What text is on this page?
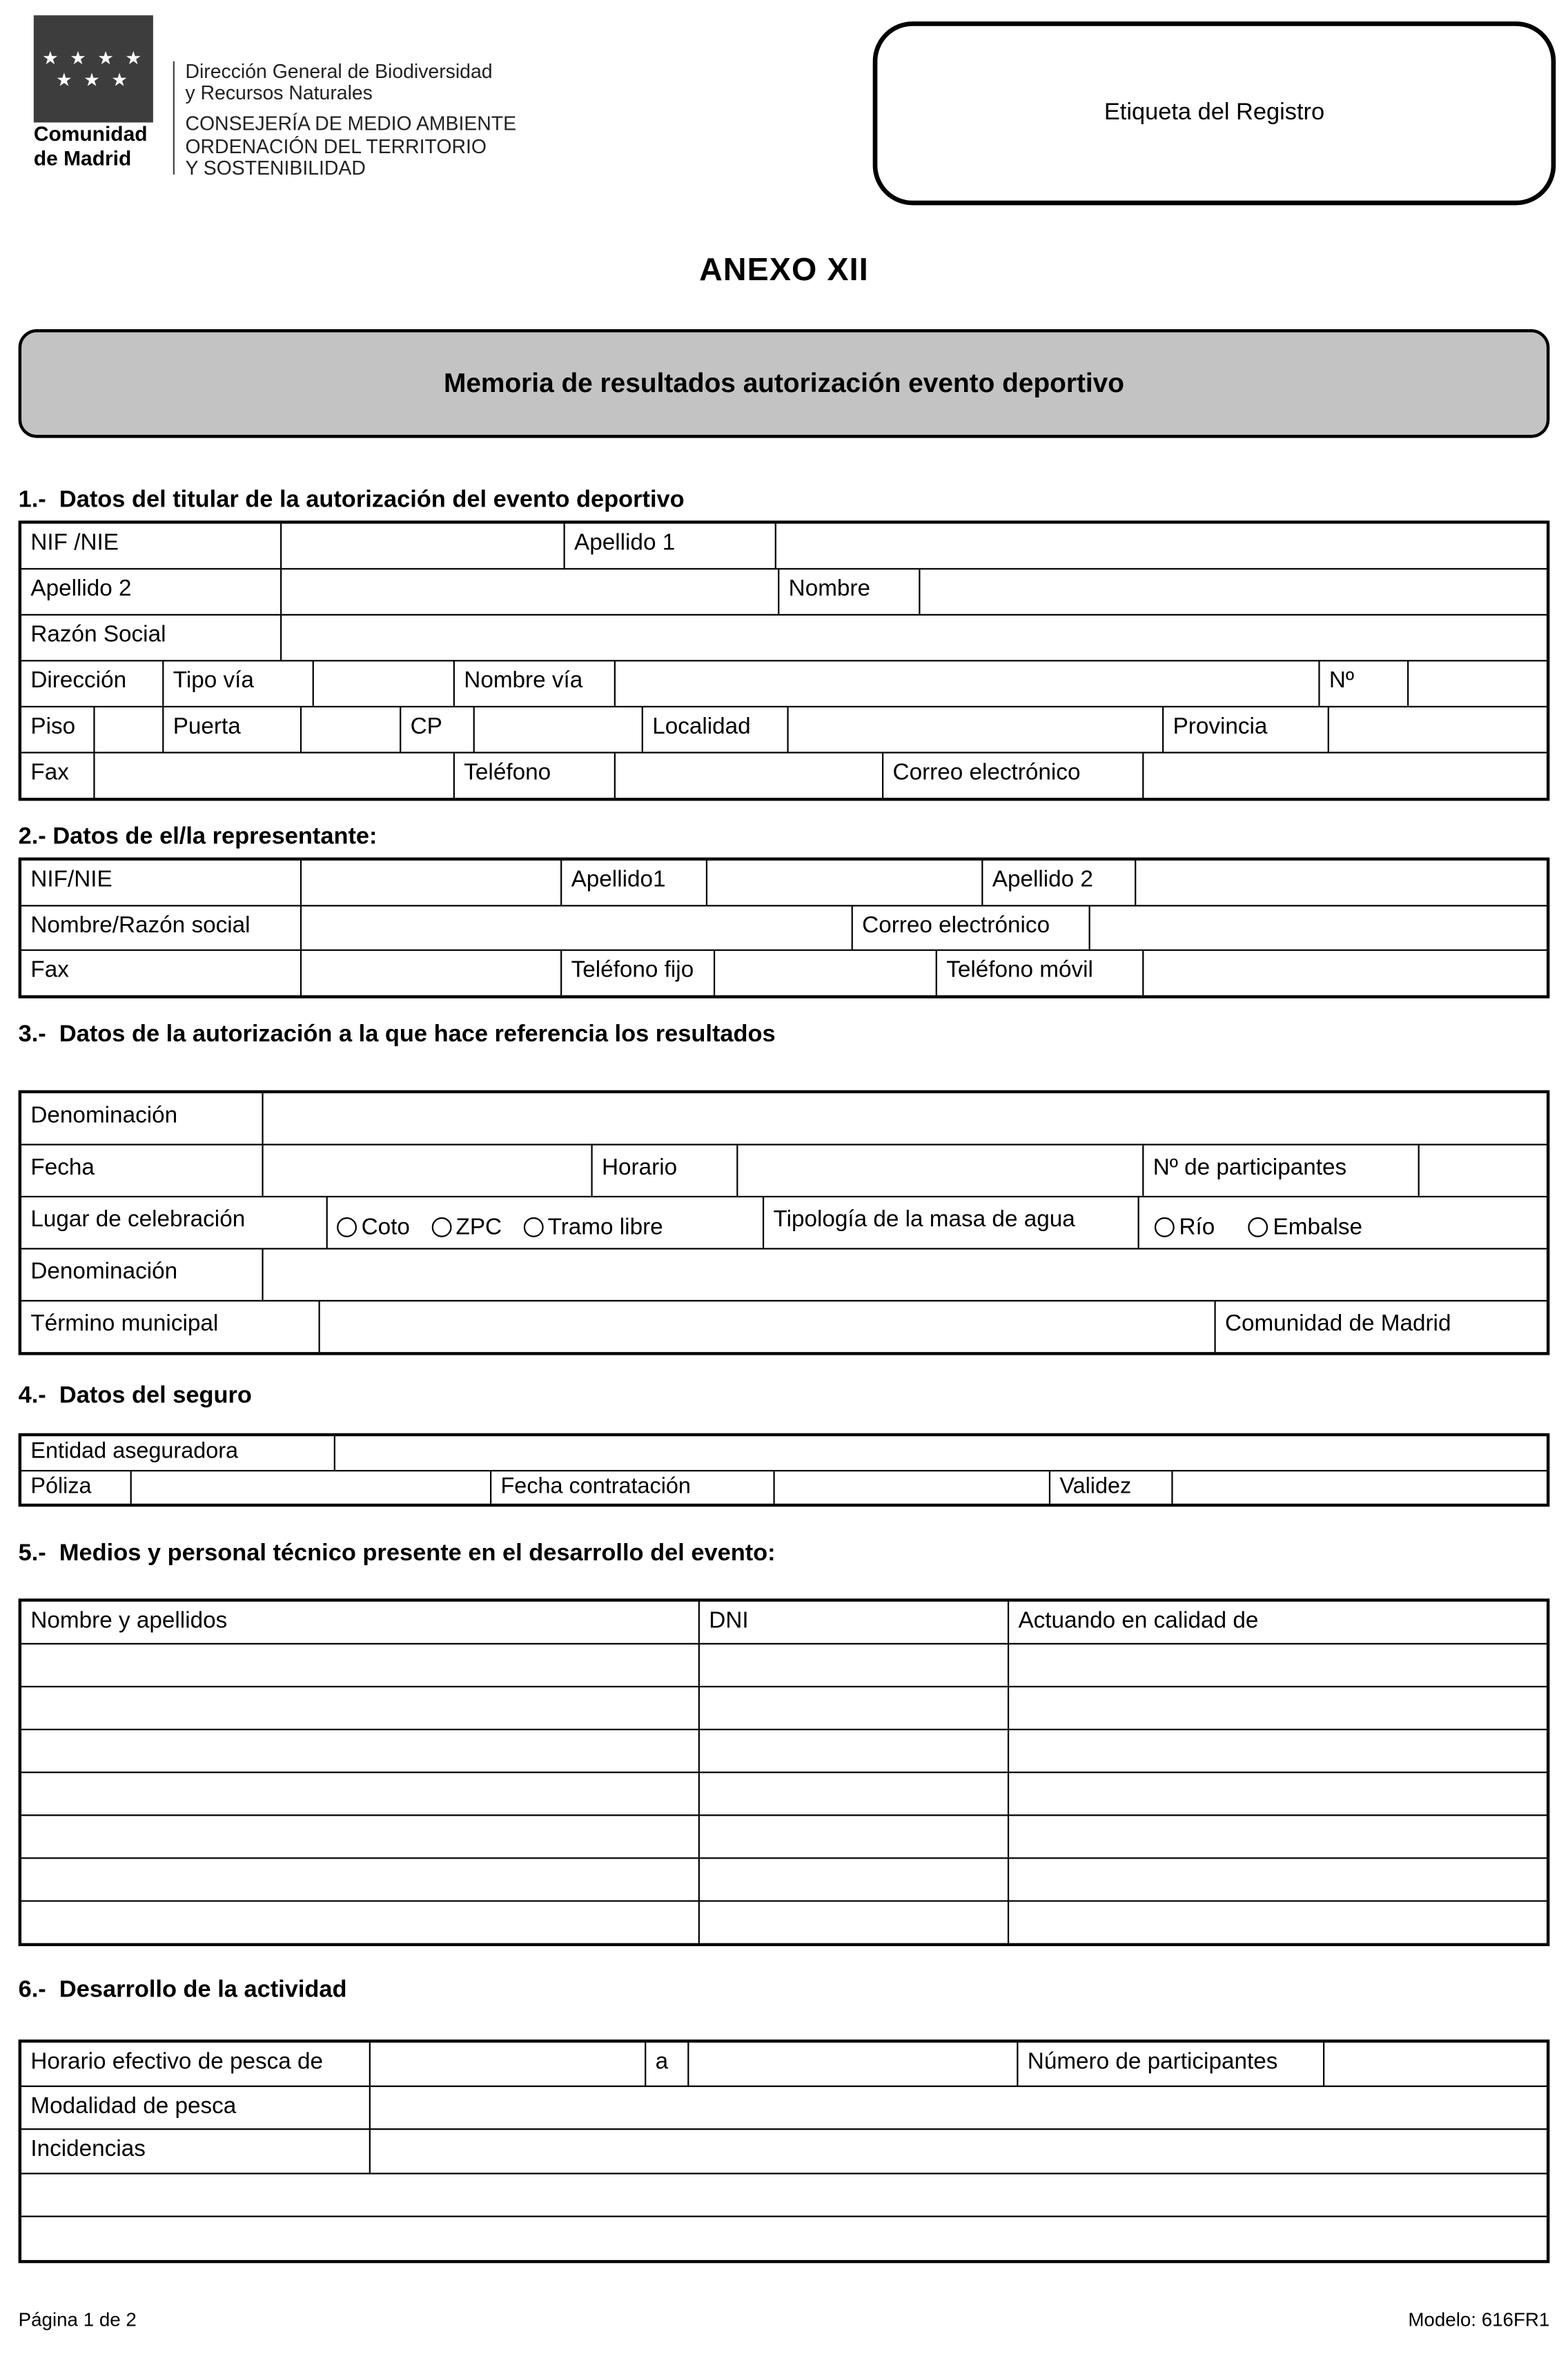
★ ★ ★ ★
★ ★ ★
Comunidad
de Madrid
Dirección General de Biodiversidad
y Recursos Naturales
CONSEJERÍA DE MEDIO AMBIENTE
ORDENACIÓN DEL TERRITORIO
Y SOSTENIBILIDAD
Etiqueta del Registro
ANEXO XII
Memoria de resultados autorización evento deportivo
1.-  Datos del titular de la autorización del evento deportivo
NIF /NIE	Apellido 1
Apellido 2	Nombre
Razón Social
Dirección	Tipo vía	Nombre vía	Nº
Piso	Puerta	CP	Localidad	Provincia
Fax	Teléfono	Correo electrónico
2.- Datos de el/la representante:
NIF/NIE	Apellido1	Apellido 2
Nombre/Razón social	Correo electrónico
Fax	Teléfono fijo	Teléfono móvil
3.-  Datos de la autorización a la que hace referencia los resultados
Denominación
Fecha	Horario	Nº de participantes
Lugar de celebración	Coto	ZPC	Tramo libre	Tipología de la masa de agua	Río	Embalse
Denominación
Término municipal	Comunidad de Madrid
4.-  Datos del seguro
Entidad aseguradora
Póliza	Fecha contratación	Validez
5.-  Medios y personal técnico presente en el desarrollo del evento:
Nombre y apellidos	DNI	Actuando en calidad de
6.-  Desarrollo de la actividad
Horario efectivo de pesca de	a	Número de participantes
Modalidad de pesca
Incidencias
Página 1 de 2	Modelo: 616FR1
